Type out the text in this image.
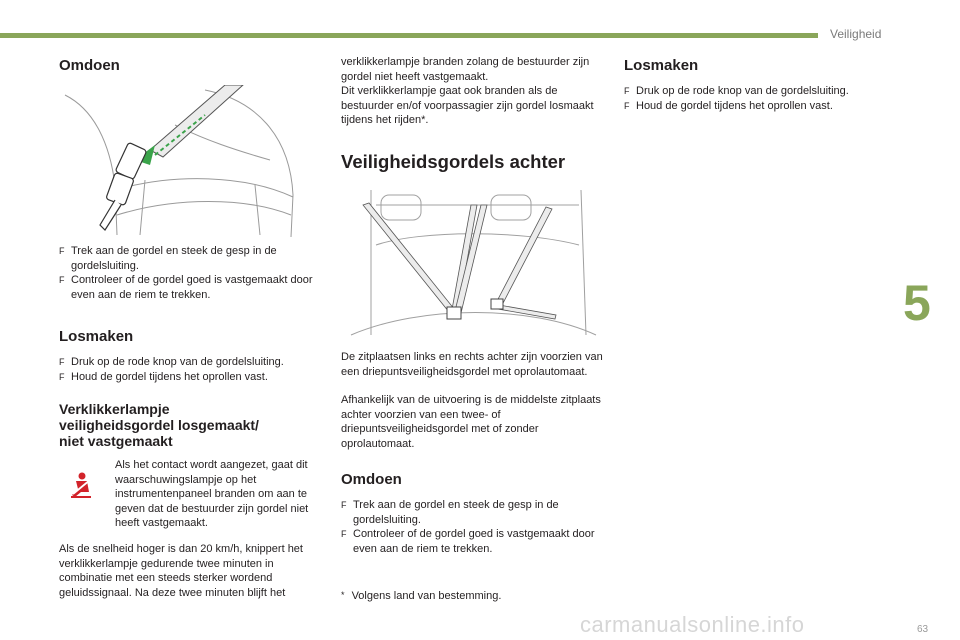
Veiligheid
5
63
carmanualsonline.info
Omdoen
F Trek aan de gordel en steek de gesp in de gordelsluiting.
F Controleer of de gordel goed is vastgemaakt door even aan de riem te trekken.
Losmaken
F Druk op de rode knop van de gordelsluiting.
F Houd de gordel tijdens het oprollen vast.
Verklikkerlampje
veiligheidsgordel losgemaakt/
niet vastgemaakt

Als het contact wordt aangezet, gaat dit waarschuwingslampje op het instrumentenpaneel branden om aan te geven dat de bestuurder zijn gordel niet heeft vastgemaakt.

Als de snelheid hoger is dan 20 km/h, knippert het verklikkerlampje gedurende twee minuten in combinatie met een steeds sterker wordend geluidssignaal. Na deze twee minuten blijft het

verklikkerlampje branden zolang de bestuurder zijn gordel niet heeft vastgemaakt.

Dit verklikkerlampje gaat ook branden als de bestuurder en/of voorpassagier zijn gordel losmaakt tijdens het rijden*.

Veiligheidsgordels achter

De zitplaatsen links en rechts achter zijn voorzien van een driepuntsveiligheidsgordel met oprolautomaat.

Afhankelijk van de uitvoering is de middelste zitplaats achter voorzien van een twee- of driepuntsveiligheidsgordel met of zonder oprolautomaat.

Omdoen
F Trek aan de gordel en steek de gesp in de gordelsluiting.
F Controleer of de gordel goed is vastgemaakt door even aan de riem te trekken.
* Volgens land van bestemming.
Losmaken
F Druk op de rode knop van de gordelsluiting.
F Houd de gordel tijdens het oprollen vast.
